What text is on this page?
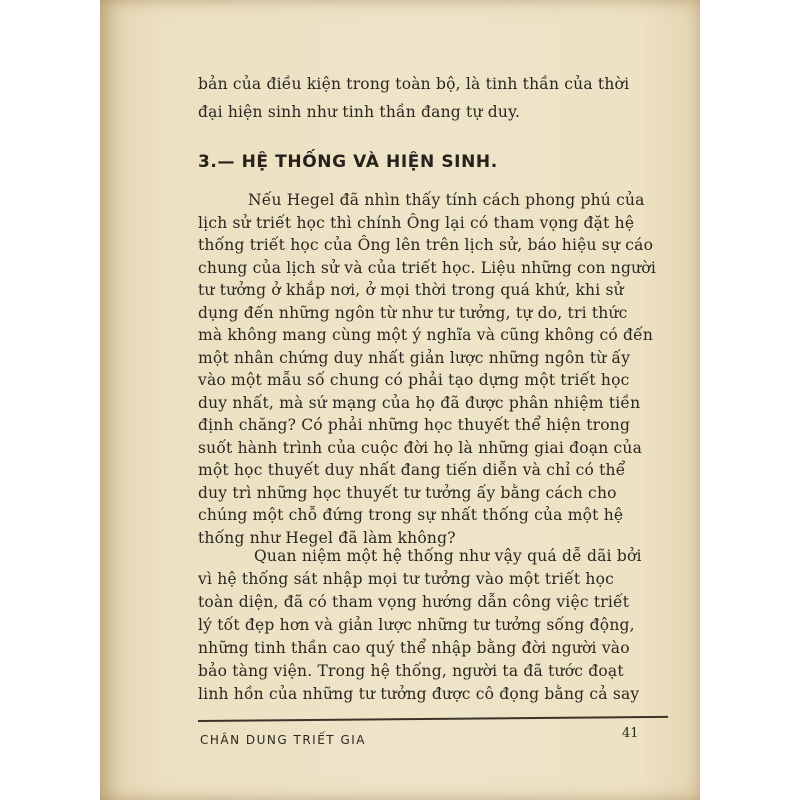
bản của điều kiện trong toàn bộ, là tinh thần của thời
đại hiện sinh như tinh thần đang tự duy.
3.— HỆ THỐNG VÀ HIỆN SINH.
Nếu Hegel đã nhìn thấy tính cách phong phú của
lịch sử triết học thì chính Ông lại có tham vọng đặt hệ
thống triết học của Ông lên trên lịch sử, báo hiệu sự cáo
chung của lịch sử và của triết học. Liệu những con người
tư tưởng ở khắp nơi, ở mọi thời trong quá khứ, khi sử
dụng đến những ngôn từ như tư tưởng, tự do, tri thức
mà không mang cùng một ý nghĩa và cũng không có đến
một nhân chứng duy nhất giản lược những ngôn từ ấy
vào một mẫu số chung có phải tạo dựng một triết học
duy nhất, mà sứ mạng của họ đã được phân nhiệm tiền
định chăng? Có phải những học thuyết thể hiện trong
suốt hành trình của cuộc đời họ là những giai đoạn của
một học thuyết duy nhất đang tiến diễn và chỉ có thể
duy trì những học thuyết tư tưởng ấy bằng cách cho
chúng một chỗ đứng trong sự nhất thống của một hệ
thống như Hegel đã làm không?
Quan niệm một hệ thống như vậy quá dễ dãi bởi
vì hệ thống sát nhập mọi tư tưởng vào một triết học
toàn diện, đã có tham vọng hướng dẫn công việc triết
lý tốt đẹp hơn và giản lược những tư tưởng sống động,
những tinh thần cao quý thể nhập bằng đời người vào
bảo tàng viện. Trong hệ thống, người ta đã tước đoạt
linh hồn của những tư tưởng được cô đọng bằng cả say
CHÂN DUNG TRIẾT GIA	41
